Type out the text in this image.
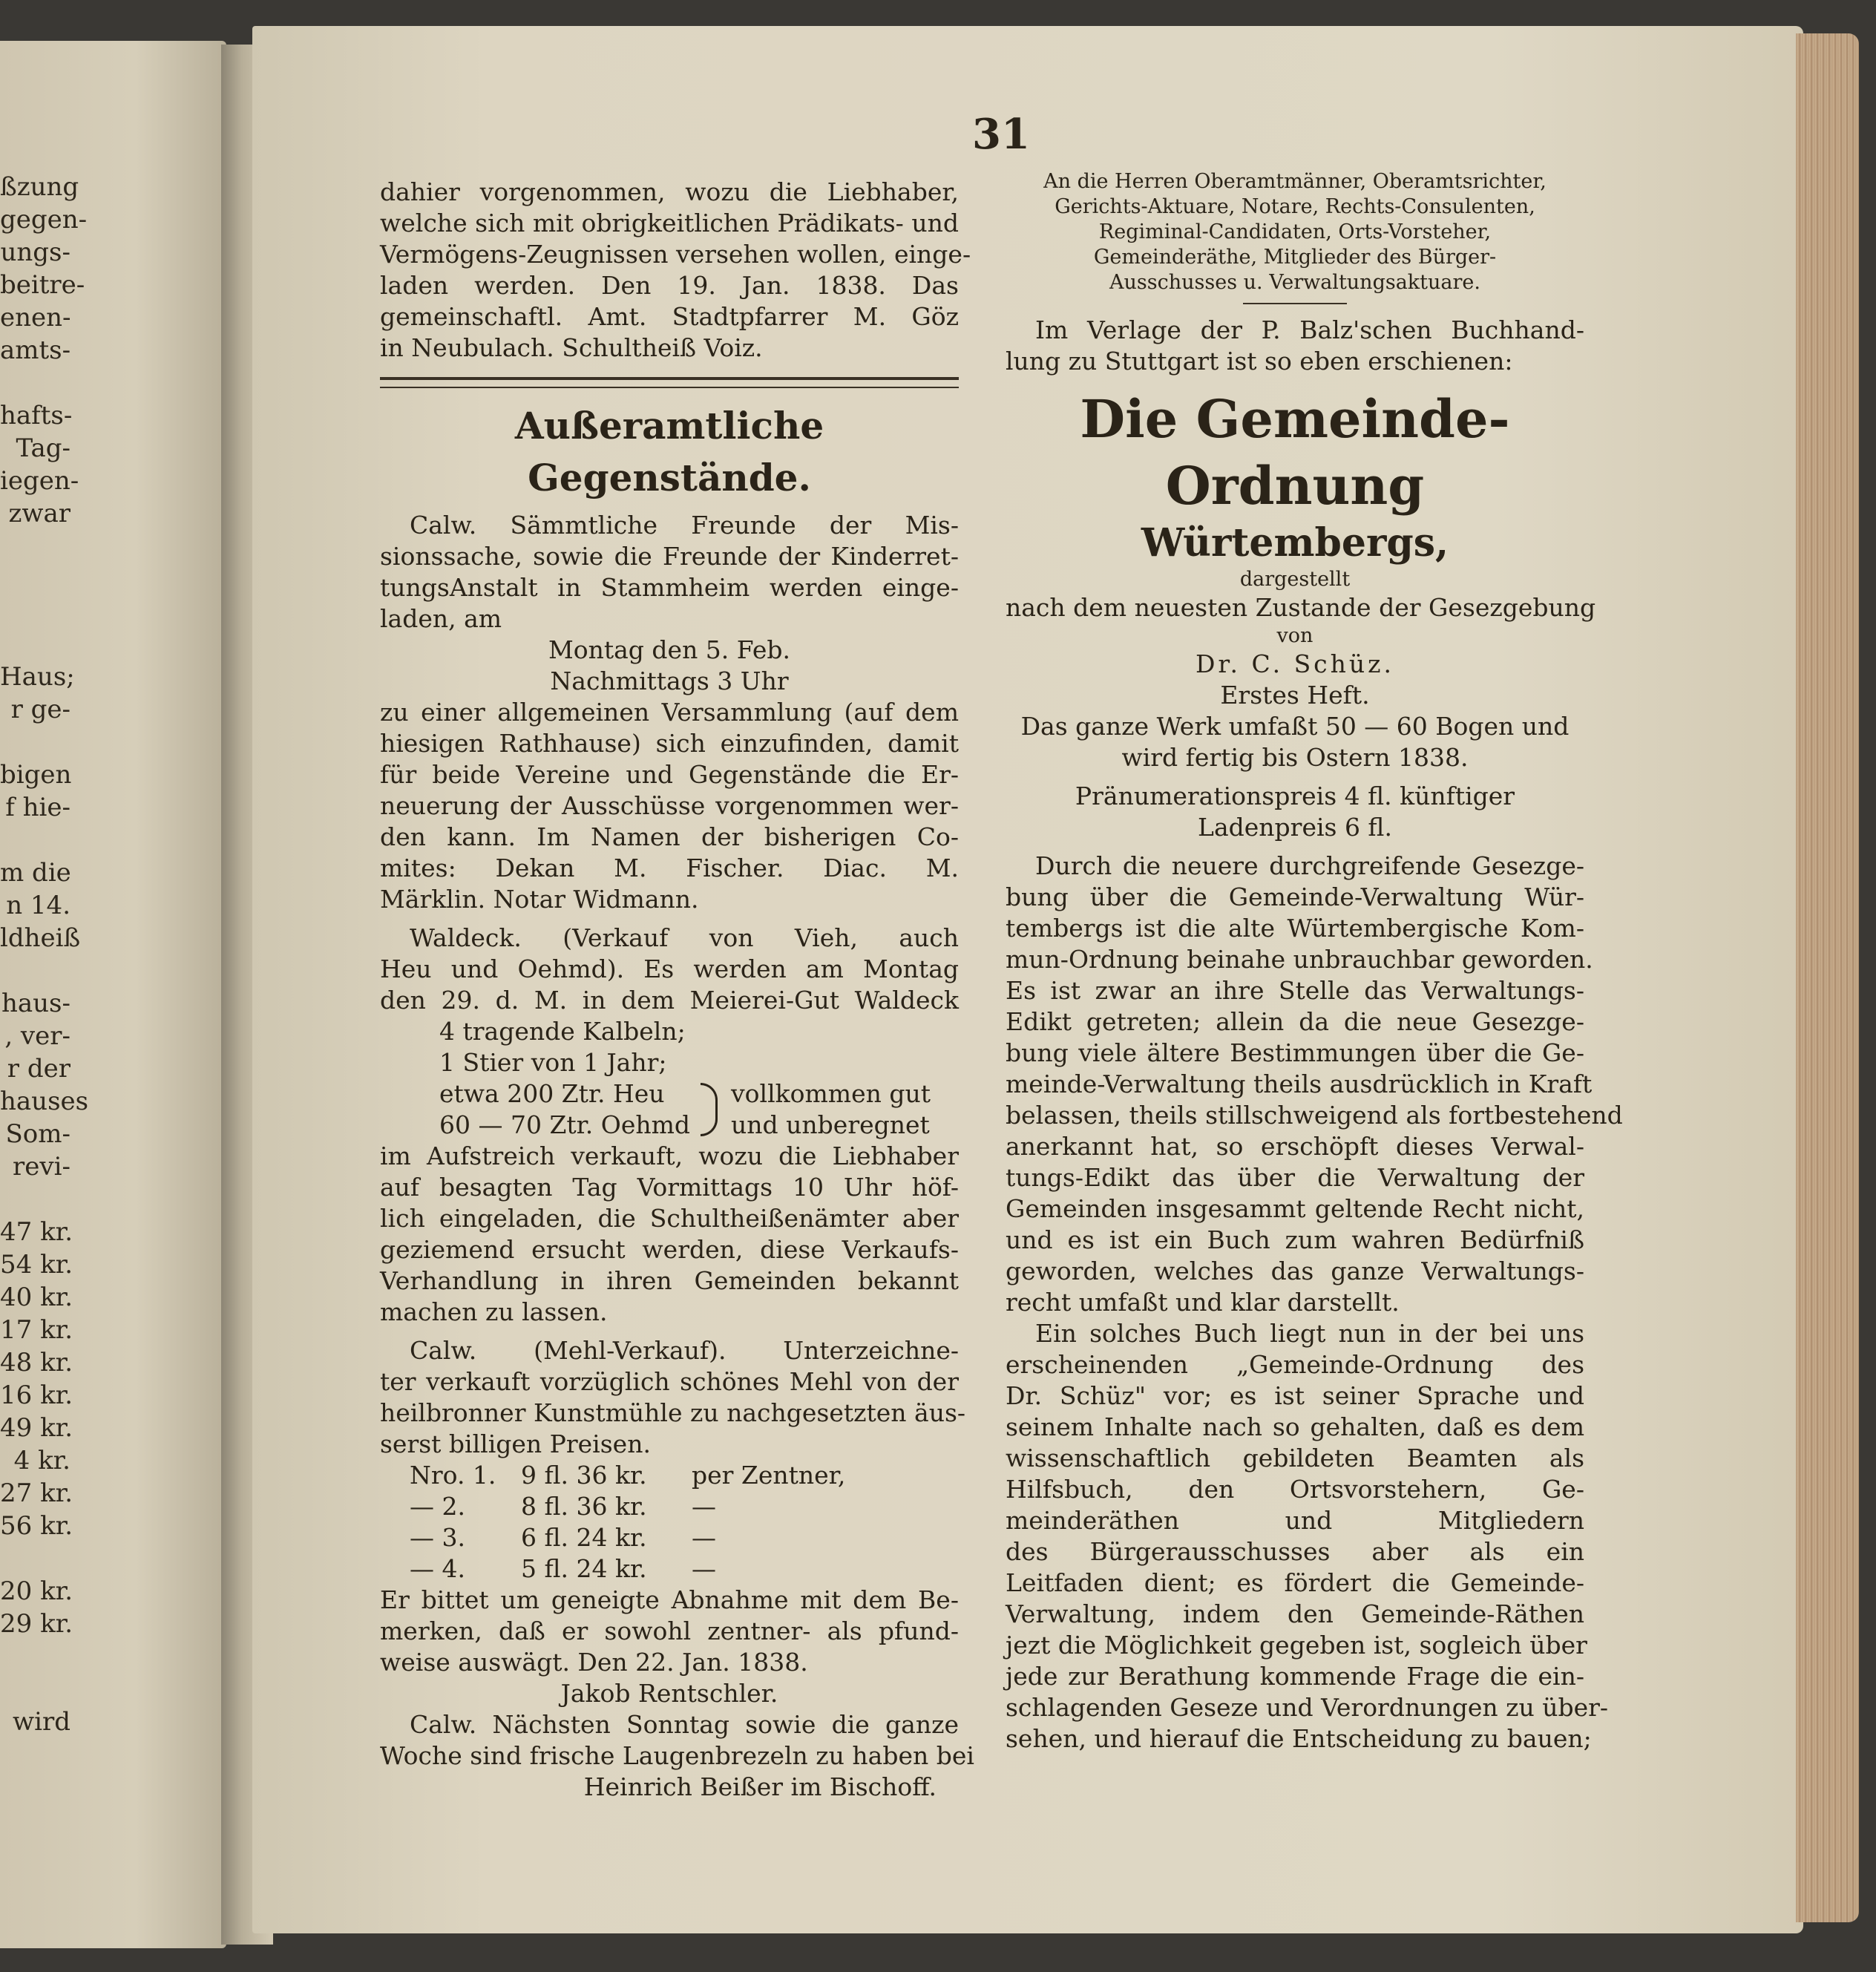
ßzung
gegen-
ungs-
beitre-
enen-
amts-
hafts-
Tag-
iegen-
zwar
Haus;
r ge-
bigen
f hie-
m die
n 14.
ldheiß
haus-
, ver-
r der
hauses
Som-
revi-
47 kr.
54 kr.
40 kr.
17 kr.
48 kr.
16 kr.
49 kr.
4 kr.
27 kr.
56 kr.
20 kr.
29 kr.
wird
31
dahier vorgenommen, wozu die Liebhaber,
welche sich mit obrigkeitlichen Prädikats- und
Vermögens-Zeugnissen versehen wollen, einge-
laden werden. Den 19. Jan. 1838. Das
gemeinschaftl. Amt. Stadtpfarrer M. Göz
in Neubulach. Schultheiß Voiz.
Außeramtliche Gegenstände.
Calw. Sämmtliche Freunde der Mis-
sionssache, sowie die Freunde der Kinderret-
tungsAnstalt in Stammheim werden einge-
laden, am
Montag den 5. Feb.
Nachmittags 3 Uhr
zu einer allgemeinen Versammlung (auf dem
hiesigen Rathhause) sich einzufinden, damit
für beide Vereine und Gegenstände die Er-
neuerung der Ausschüsse vorgenommen wer-
den kann. Im Namen der bisherigen Co-
mites: Dekan M. Fischer. Diac. M.
Märklin. Notar Widmann.
Waldeck. (Verkauf von Vieh, auch
Heu und Oehmd). Es werden am Montag
den 29. d. M. in dem Meierei-Gut Waldeck
4 tragende Kalbeln;
1 Stier von 1 Jahr;
etwa 200 Ztr. Heu
60 — 70 Ztr. Oehmd
vollkommen gut
und unberegnet
im Aufstreich verkauft, wozu die Liebhaber
auf besagten Tag Vormittags 10 Uhr höf-
lich eingeladen, die Schultheißenämter aber
geziemend ersucht werden, diese Verkaufs-
Verhandlung in ihren Gemeinden bekannt
machen zu lassen.
Calw. (Mehl-Verkauf). Unterzeichne-
ter verkauft vorzüglich schönes Mehl von der
heilbronner Kunstmühle zu nachgesetzten äus-
serst billigen Preisen.
Nro. 1.	9 fl. 36 kr.	per Zentner,
— 2.	8 fl. 36 kr.	—
— 3.	6 fl. 24 kr.	—
— 4.	5 fl. 24 kr.	—
Er bittet um geneigte Abnahme mit dem Be-
merken, daß er sowohl zentner- als pfund-
weise auswägt. Den 22. Jan. 1838.
Jakob Rentschler.
Calw. Nächsten Sonntag sowie die ganze
Woche sind frische Laugenbrezeln zu haben bei
Heinrich Beißer im Bischoff.
An die Herren Oberamtmänner, Oberamtsrichter,
Gerichts-Aktuare, Notare, Rechts-Consulenten,
Regiminal-Candidaten, Orts-Vorsteher,
Gemeinderäthe, Mitglieder des Bürger-
Ausschusses u. Verwaltungsaktuare.
Im Verlage der P. Balz'schen Buchhand-
lung zu Stuttgart ist so eben erschienen:
Die Gemeinde-Ordnung
Würtembergs,
dargestellt
nach dem neuesten Zustande der Gesezgebung
von
Dr. C. Schüz.
Erstes Heft.
Das ganze Werk umfaßt 50 — 60 Bogen und
wird fertig bis Ostern 1838.
Pränumerationspreis 4 fl. künftiger
Ladenpreis 6 fl.
Durch die neuere durchgreifende Gesezge-
bung über die Gemeinde-Verwaltung Wür-
tembergs ist die alte Würtembergische Kom-
mun-Ordnung beinahe unbrauchbar geworden.
Es ist zwar an ihre Stelle das Verwaltungs-
Edikt getreten; allein da die neue Gesezge-
bung viele ältere Bestimmungen über die Ge-
meinde-Verwaltung theils ausdrücklich in Kraft
belassen, theils stillschweigend als fortbestehend
anerkannt hat, so erschöpft dieses Verwal-
tungs-Edikt das über die Verwaltung der
Gemeinden insgesammt geltende Recht nicht,
und es ist ein Buch zum wahren Bedürfniß
geworden, welches das ganze Verwaltungs-
recht umfaßt und klar darstellt.
Ein solches Buch liegt nun in der bei uns
erscheinenden „Gemeinde-Ordnung des
Dr. Schüz" vor; es ist seiner Sprache und
seinem Inhalte nach so gehalten, daß es dem
wissenschaftlich gebildeten Beamten als
Hilfsbuch, den Ortsvorstehern, Ge-
meinderäthen und Mitgliedern
des Bürgerausschusses aber als ein
Leitfaden dient; es fördert die Gemeinde-
Verwaltung, indem den Gemeinde-Räthen
jezt die Möglichkeit gegeben ist, sogleich über
jede zur Berathung kommende Frage die ein-
schlagenden Geseze und Verordnungen zu über-
sehen, und hierauf die Entscheidung zu bauen;
